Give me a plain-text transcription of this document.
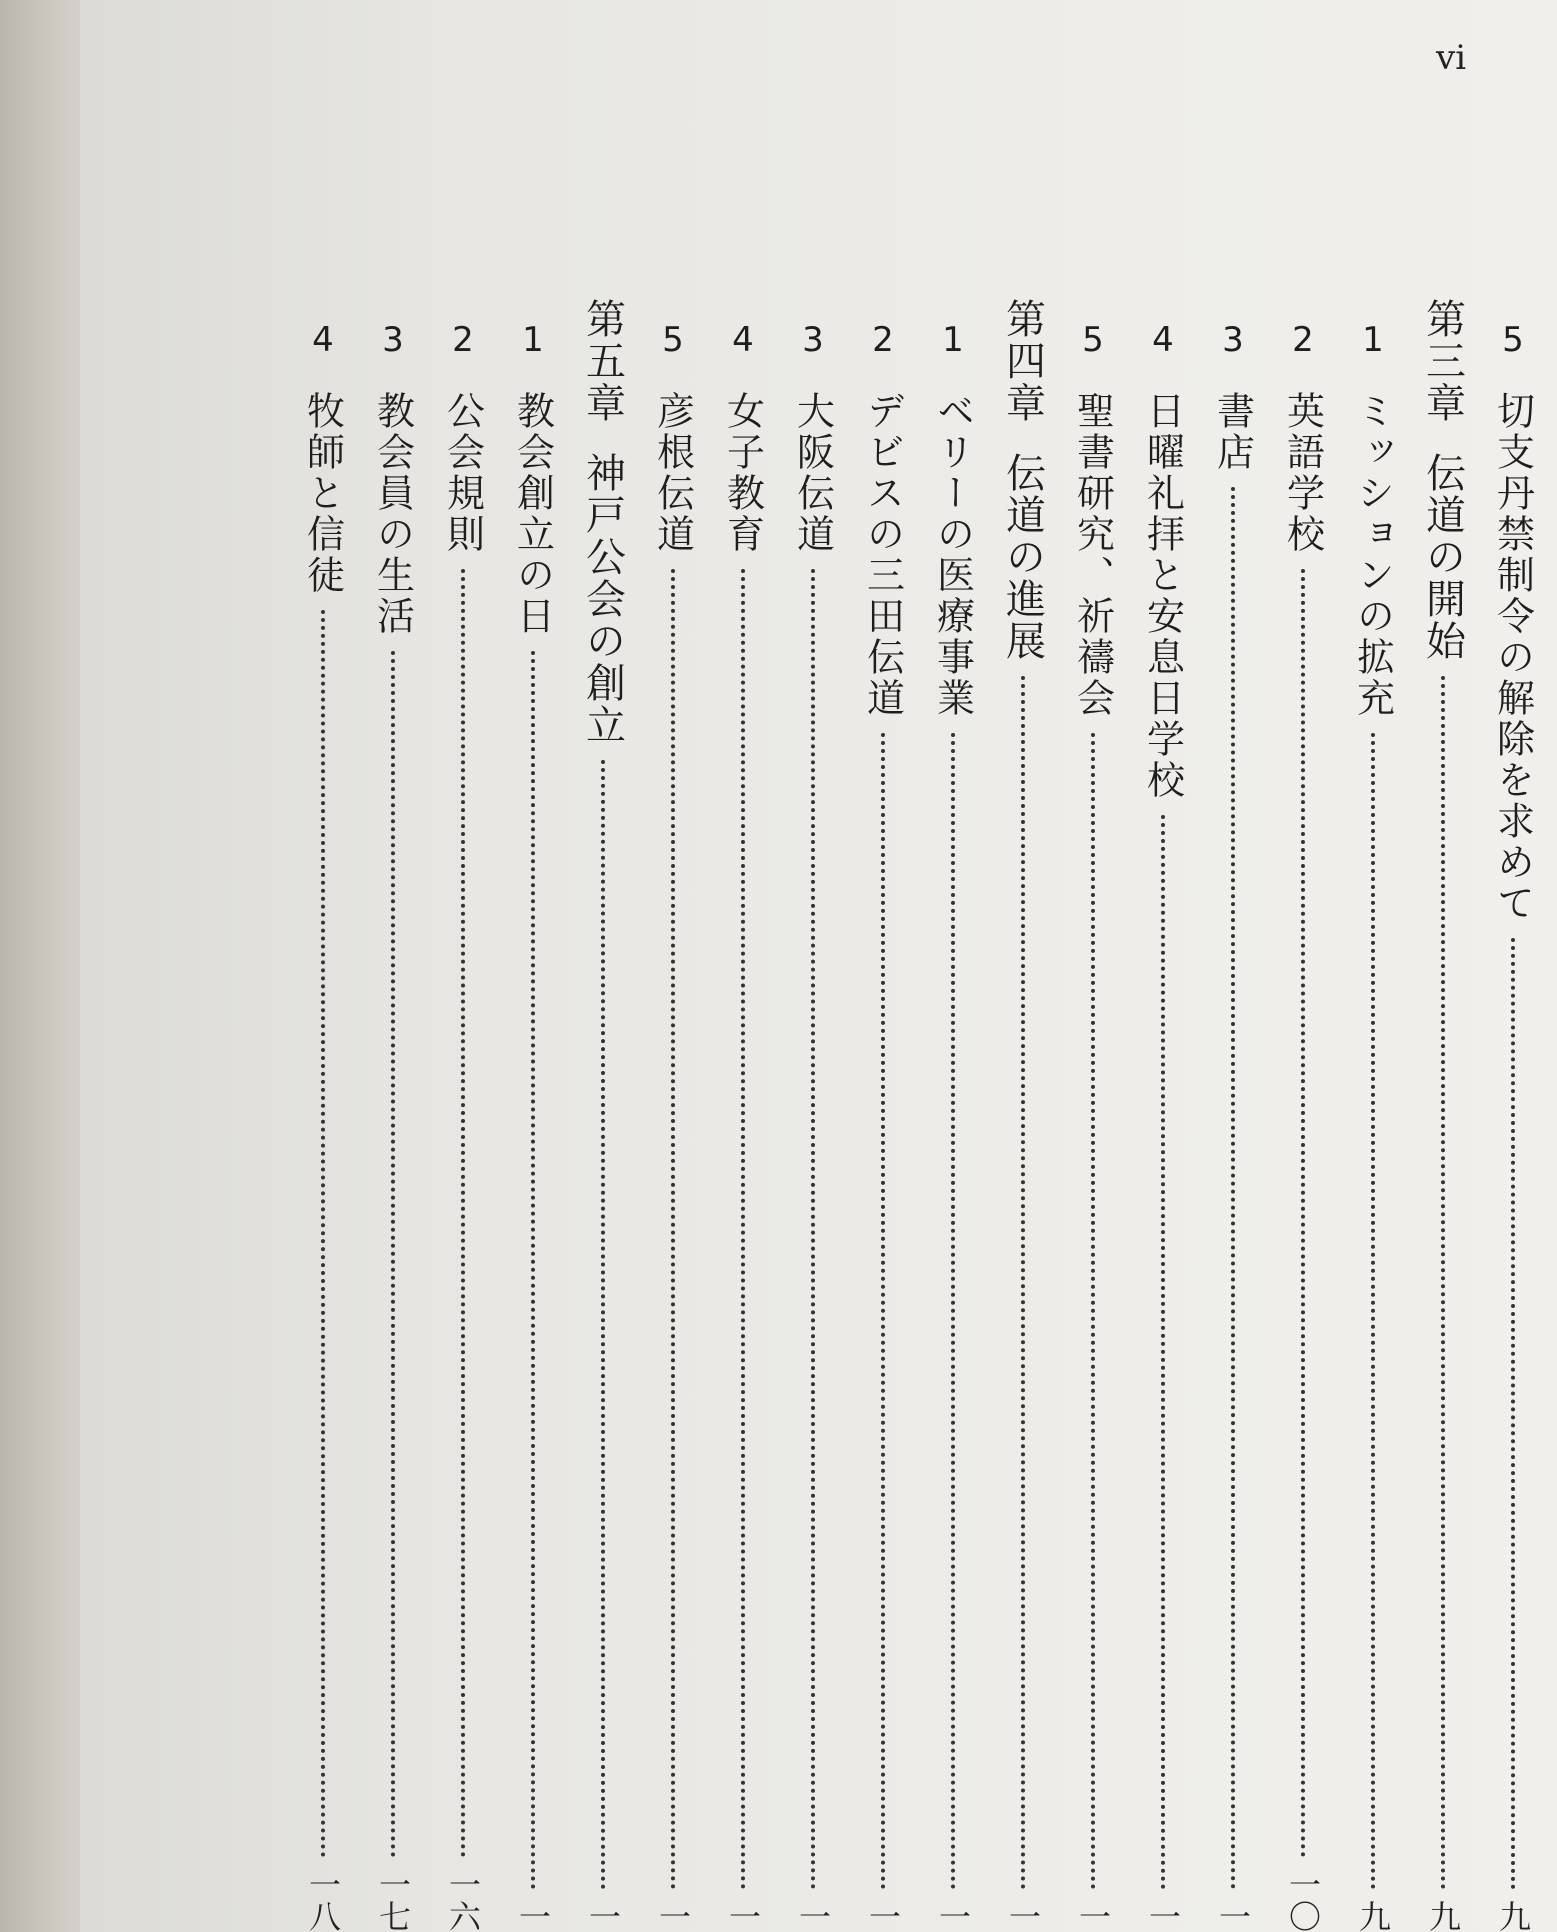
vi
5
切支丹禁制令の解除を求めて
九
第三章
伝道の開始
九
1
ミッションの拡充
九
2
英語学校
一〇
3
書店
一
4
日曜礼拝と安息日学校
一
5
聖書研究、祈禱会
一
第四章
伝道の進展
一
1
ベリーの医療事業
一
2
デビスの三田伝道
一
3
大阪伝道
一
4
女子教育
一
5
彦根伝道
一
第五章
神戸公会の創立
一
1
教会創立の日
一
2
公会規則
一六
3
教会員の生活
一七
4
牧師と信徒
一八
